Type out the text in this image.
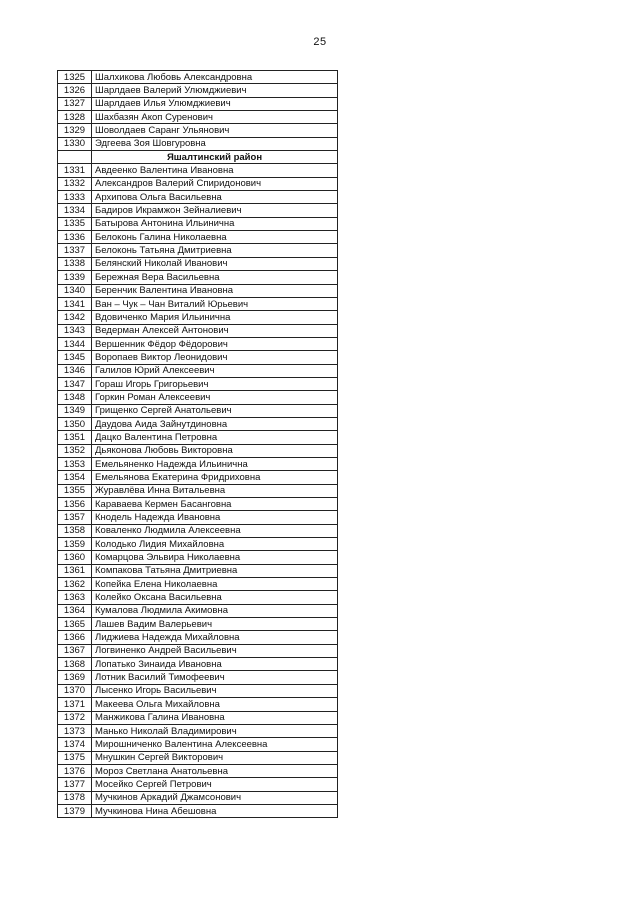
25
1325	Шалхикова Любовь Александровна
1326	Шарлдаев Валерий Улюмджиевич
1327	Шарлдаев Илья Улюмджиевич
1328	Шахбазян Акоп Суренович
1329	Шоволдаев Саранг Ульянович
1330	Эдгеева Зоя Шовгуровна
	Яшалтинский район
1331	Авдеенко Валентина Ивановна
1332	Александров Валерий Спиридонович
1333	Архипова Ольга Васильевна
1334	Бадиров Икрамжон Зейналиевич
1335	Батырова Антонина Ильинична
1336	Белоконь Галина Николаевна
1337	Белоконь Татьяна Дмитриевна
1338	Белянский Николай Иванович
1339	Бережная Вера Васильевна
1340	Беренчик Валентина Ивановна
1341	Ван – Чук – Чан Виталий Юрьевич
1342	Вдовиченко Мария Ильинична
1343	Ведерман Алексей Антонович
1344	Вершенник Фёдор Фёдорович
1345	Воропаев Виктор Леонидович
1346	Галилов Юрий Алексеевич
1347	Гораш Игорь Григорьевич
1348	Горкин Роман Алексеевич
1349	Грищенко Сергей Анатольевич
1350	Даудова Аида Зайнутдиновна
1351	Дацко Валентина Петровна
1352	Дьяконова Любовь Викторовна
1353	Емельяненко Надежда Ильинична
1354	Емельянова Екатерина Фридриховна
1355	Журавлёва Инна Витальевна
1356	Караваева Кермен Басанговна
1357	Кнодель Надежда Ивановна
1358	Коваленко Людмила Алексеевна
1359	Колодько Лидия Михайловна
1360	Комарцова Эльвира Николаевна
1361	Компакова Татьяна Дмитриевна
1362	Копейка Елена Николаевна
1363	Колейко Оксана Васильевна
1364	Кумалова Людмила Акимовна
1365	Лашев Вадим Валерьевич
1366	Лиджиева Надежда Михайловна
1367	Логвиненко Андрей Васильевич
1368	Лопатько Зинаида Ивановна
1369	Лотник Василий Тимофеевич
1370	Лысенко Игорь Васильевич
1371	Макеева Ольга Михайловна
1372	Манжикова Галина Ивановна
1373	Манько Николай Владимирович
1374	Мирошниченко Валентина Алексеевна
1375	Мнушкин Сергей Викторович
1376	Мороз Светлана Анатольевна
1377	Мосейко Сергей Петрович
1378	Мучкинов Аркадий Джамсонович
1379	Мучкинова Нина Абешовна
